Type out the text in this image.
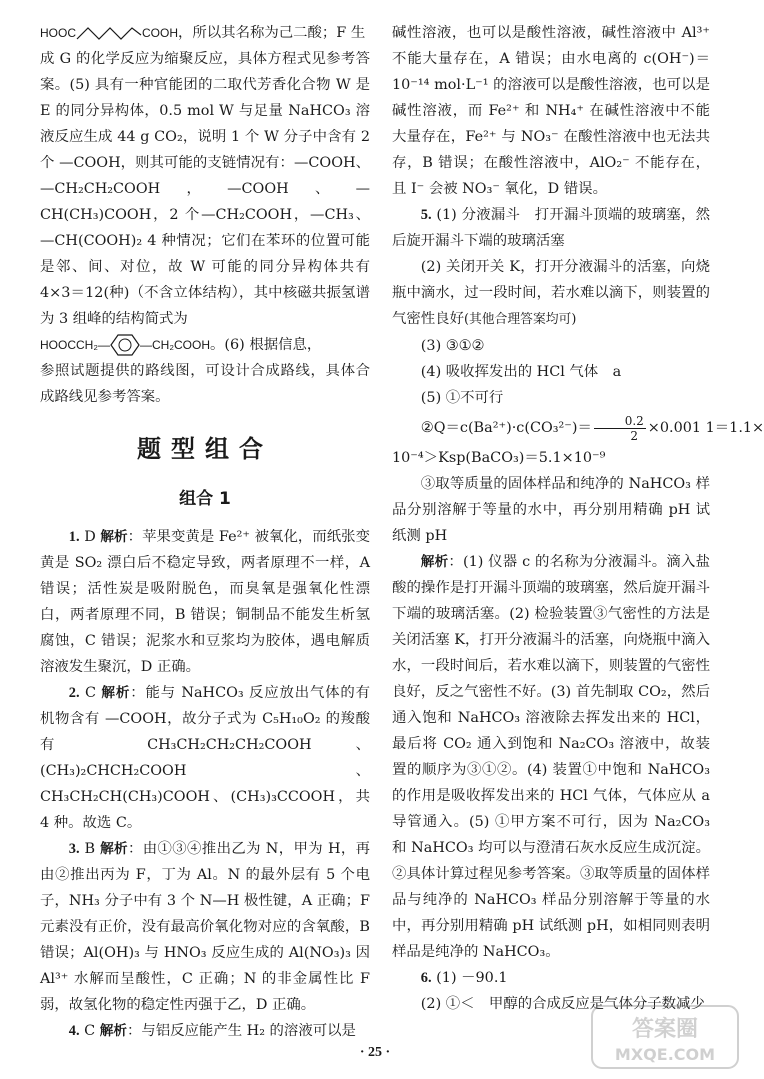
HOOC	COOH ，所以其名称为己二酸；F 生

成 G 的化学反应为缩聚反应，具体方程式见参考答案。(5) 具有一种官能团的二取代芳香化合物 W 是 E 的同分异构体，0.5 mol W 与足量 NaHCO₃ 溶液反应生成 44 g CO₂，说明 1 个 W 分子中含有 2 个 —COOH，则其可能的支链情况有：—COOH、—CH₂CH₂COOH，—COOH、—CH(CH₃)COOH，2 个—CH₂COOH，—CH₃、—CH(COOH)₂ 4 种情况；它们在苯环的位置可能是邻、间、对位，故 W 可能的同分异构体共有 4×3＝12(种)（不含立体结构），其中核磁共振氢谱为 3 组峰的结构简式为

HOOCCH₂—	—CH₂COOH 。(6) 根据信息，

参照试题提供的路线图，可设计合成路线，具体合成路线见参考答案。

题型组合
组合 1

1. D 解析：苹果变黄是 Fe²⁺ 被氧化，而纸张变黄是 SO₂ 漂白后不稳定导致，两者原理不一样，A 错误；活性炭是吸附脱色，而臭氧是强氧化性漂白，两者原理不同，B 错误；铜制品不能发生析氢腐蚀，C 错误；泥浆水和豆浆均为胶体，遇电解质溶液发生聚沉，D 正确。

2. C 解析：能与 NaHCO₃ 反应放出气体的有机物含有 —COOH，故分子式为 C₅H₁₀O₂ 的羧酸有 CH₃CH₂CH₂CH₂COOH、(CH₃)₂CHCH₂COOH、CH₃CH₂CH(CH₃)COOH、(CH₃)₃CCOOH，共 4 种。故选 C。

3. B 解析：由①③④推出乙为 N，甲为 H，再由②推出丙为 F，丁为 Al。N 的最外层有 5 个电子，NH₃ 分子中有 3 个 N—H 极性键，A 正确；F 元素没有正价，没有最高价氧化物对应的含氧酸，B 错误；Al(OH)₃ 与 HNO₃ 反应生成的 Al(NO₃)₃ 因 Al³⁺ 水解而呈酸性，C 正确；N 的非金属性比 F 弱，故氢化物的稳定性丙强于乙，D 正确。

4. C 解析：与铝反应能产生 H₂ 的溶液可以是

碱性溶液，也可以是酸性溶液，碱性溶液中 Al³⁺ 不能大量存在，A 错误；由水电离的 c(OH⁻)＝10⁻¹⁴ mol·L⁻¹ 的溶液可以是酸性溶液，也可以是碱性溶液，而 Fe²⁺ 和 NH₄⁺ 在碱性溶液中不能大量存在，Fe²⁺ 与 NO₃⁻ 在酸性溶液中也无法共存，B 错误；在酸性溶液中，AlO₂⁻ 不能存在，且 I⁻ 会被 NO₃⁻ 氧化，D 错误。

5. (1) 分液漏斗　打开漏斗顶端的玻璃塞，然后旋开漏斗下端的玻璃活塞

(2) 关闭开关 K，打开分液漏斗的活塞，向烧瓶中滴水，过一段时间，若水难以滴下，则装置的气密性良好(其他合理答案均可)

(3) ③①②

(4) 吸收挥发出的 HCl 气体　a

(5) ①不可行

②Q＝c(Ba²⁺)·c(CO₃²⁻)＝ $\frac{0.2}{2} \times 0.001$ 1＝1.1×

10⁻⁴＞Ksp(BaCO₃)＝5.1×10⁻⁹

③取等质量的固体样品和纯净的 NaHCO₃ 样品分别溶解于等量的水中，再分别用精确 pH 试纸测 pH

解析：(1) 仪器 c 的名称为分液漏斗。滴入盐酸的操作是打开漏斗顶端的玻璃塞，然后旋开漏斗下端的玻璃活塞。(2) 检验装置③气密性的方法是关闭活塞 K，打开分液漏斗的活塞，向烧瓶中滴入水，一段时间后，若水难以滴下，则装置的气密性良好，反之气密性不好。(3) 首先制取 CO₂，然后通入饱和 NaHCO₃ 溶液除去挥发出来的 HCl，最后将 CO₂ 通入到饱和 Na₂CO₃ 溶液中，故装置的顺序为③①②。(4) 装置①中饱和 NaHCO₃ 的作用是吸收挥发出来的 HCl 气体，气体应从 a 导管通入。(5) ①甲方案不可行，因为 Na₂CO₃ 和 NaHCO₃ 均可以与澄清石灰水反应生成沉淀。②具体计算过程见参考答案。③取等质量的固体样品与纯净的 NaHCO₃ 样品分别溶解于等量的水中，再分别用精确 pH 试纸测 pH，如相同则表明样品是纯净的 NaHCO₃。

6. (1) －90.1

(2) ①＜　甲醇的合成反应是气体分子数减少

· 25 ·
答案圈
MXQE.COM
